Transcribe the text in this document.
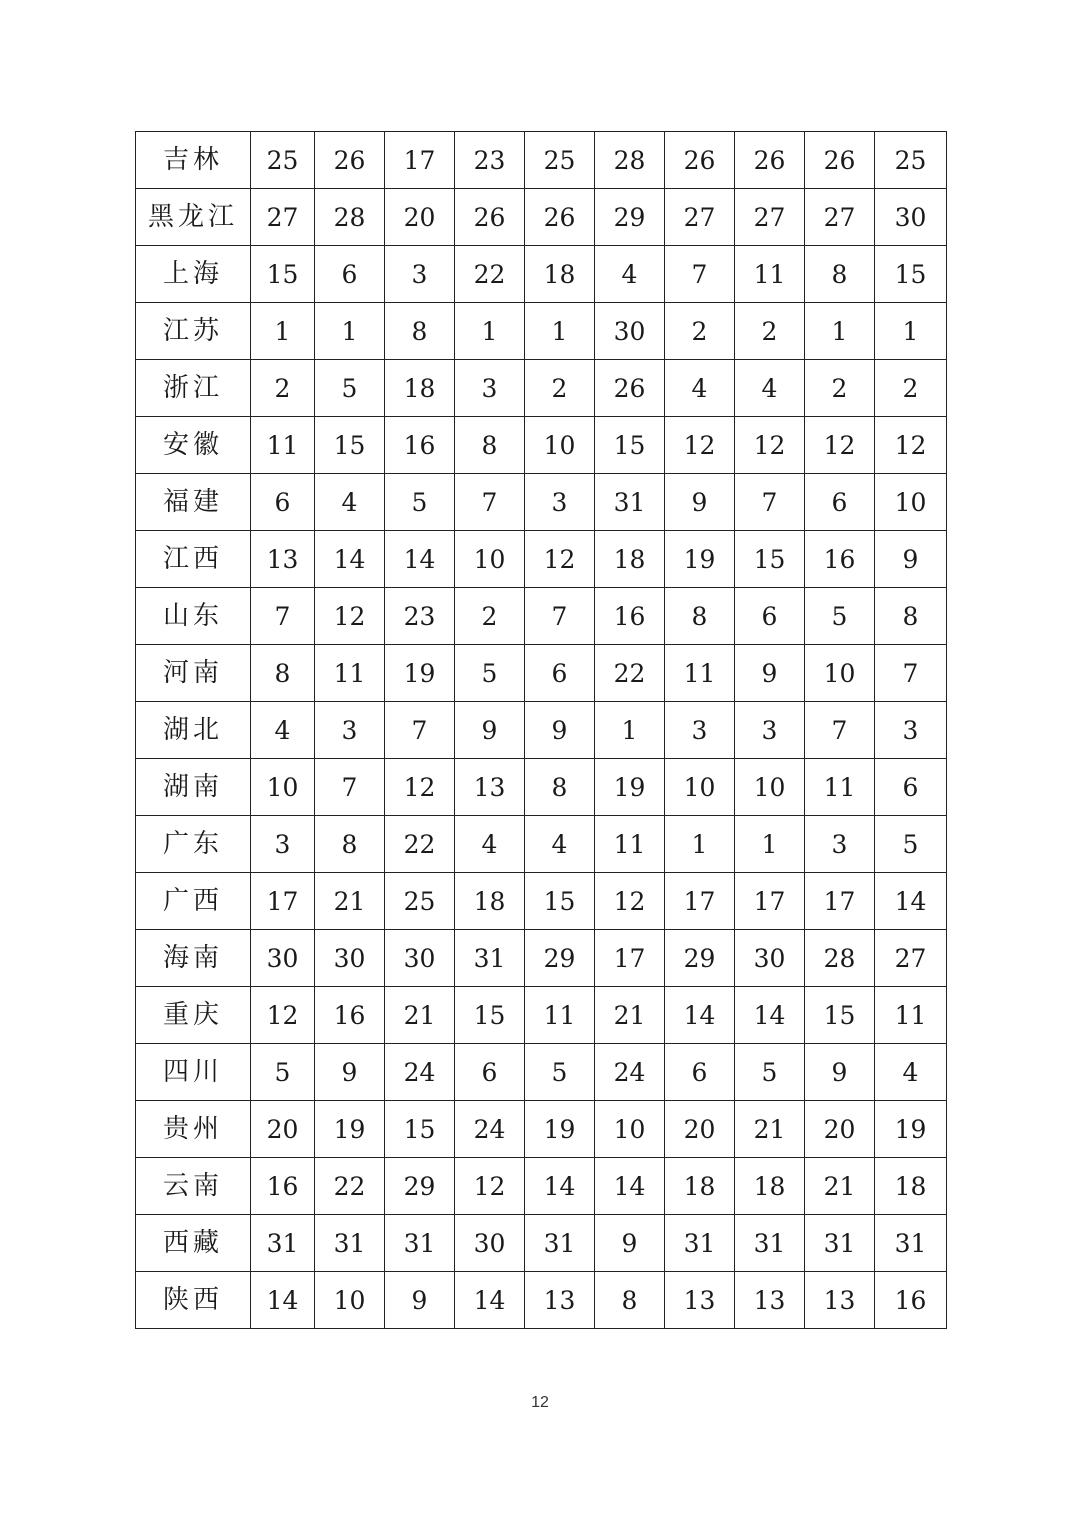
吉林	25	26	17	23	25	28	26	26	26	25
黑龙江	27	28	20	26	26	29	27	27	27	30
上海	15	6	3	22	18	4	7	11	8	15
江苏	1	1	8	1	1	30	2	2	1	1
浙江	2	5	18	3	2	26	4	4	2	2
安徽	11	15	16	8	10	15	12	12	12	12
福建	6	4	5	7	3	31	9	7	6	10
江西	13	14	14	10	12	18	19	15	16	9
山东	7	12	23	2	7	16	8	6	5	8
河南	8	11	19	5	6	22	11	9	10	7
湖北	4	3	7	9	9	1	3	3	7	3
湖南	10	7	12	13	8	19	10	10	11	6
广东	3	8	22	4	4	11	1	1	3	5
广西	17	21	25	18	15	12	17	17	17	14
海南	30	30	30	31	29	17	29	30	28	27
重庆	12	16	21	15	11	21	14	14	15	11
四川	5	9	24	6	5	24	6	5	9	4
贵州	20	19	15	24	19	10	20	21	20	19
云南	16	22	29	12	14	14	18	18	21	18
西藏	31	31	31	30	31	9	31	31	31	31
陕西	14	10	9	14	13	8	13	13	13	16
12
